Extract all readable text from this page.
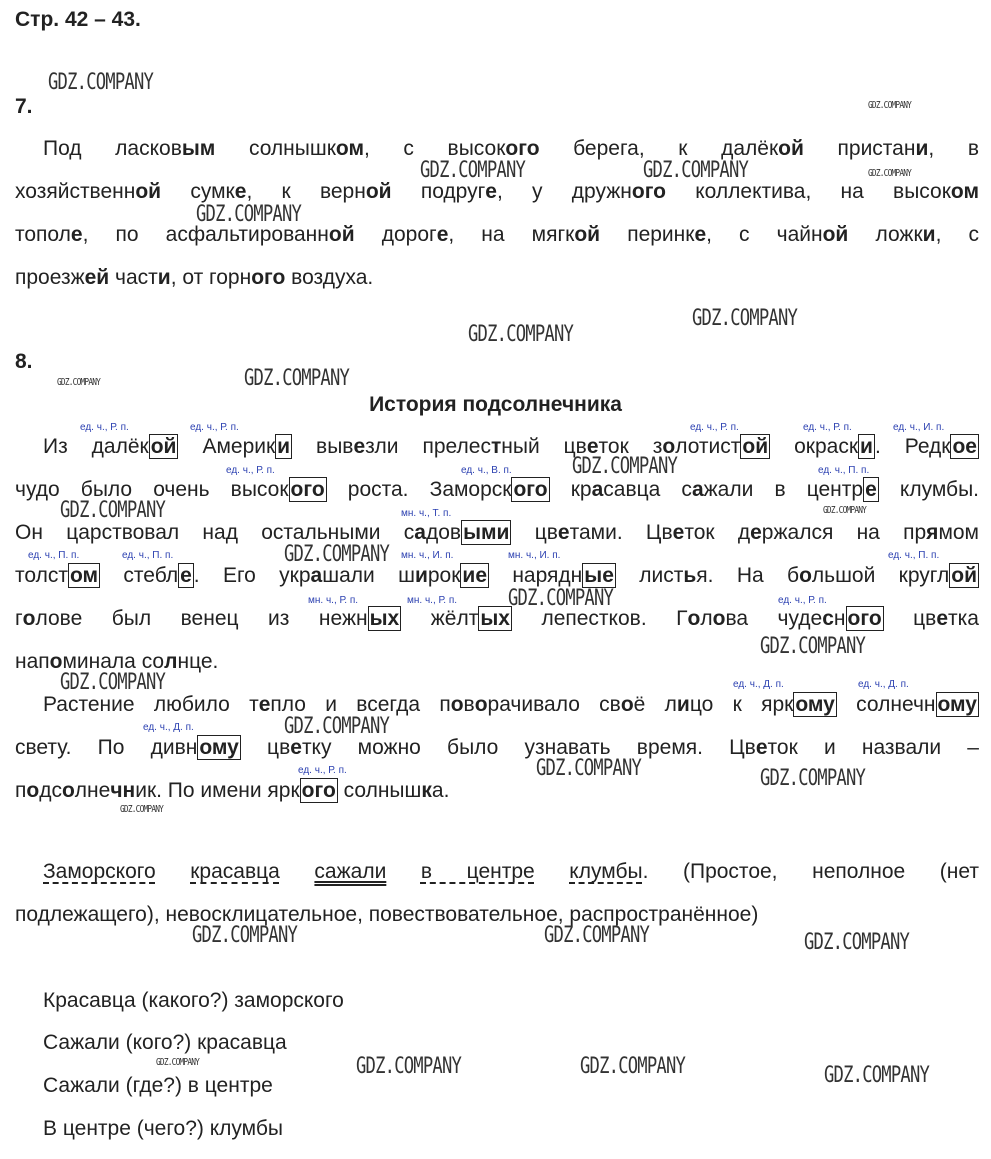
Стр. 42 – 43.
7.
Под ласковым солнышком, с высокого берега, к далёкой пристани, в
хозяйственной сумке, к верной подруге, у дружного коллектива, на высоком
тополе, по асфальтированной дороге, на мягкой перинке, с чайной ложки, с
проезжей части, от горного воздуха.
8.
История подсолнечника
Из далёкой Америки вывезли прелестный цветок золотистой окраски. Редкое
чудо было очень высокого роста. Заморского красавца сажали в центре клумбы.
Он царствовал над остальными садовыми цветами. Цветок держался на прямом
толстом стебле. Его украшали широкие нарядные листья. На большой круглой
голове был венец из нежных жёлтых лепестков. Голова чудесного цветка
напоминала солнце.
Растение любило тепло и всегда поворачивало своё лицо к яркому солнечному
свету. По дивному цветку можно было узнавать время. Цветок и назвали –
подсолнечник. По имени яркого солнышка.
ед. ч., Р. п.	ед. ч., Р. п.	ед. ч., Р. п.	ед. ч., Р. п.	ед. ч., И. п.
ед. ч., Р. п.	ед. ч., В. п.	ед. ч., П. п.
мн. ч., Т. п.
ед. ч., П. п.	ед. ч., П. п.	мн. ч., И. п.	мн. ч., И. п.	ед. ч., П. п.
мн. ч., Р. п.	мн. ч., Р. п.	ед. ч., Р. п.
ед. ч., Д. п.	ед. ч., Д. п.
ед. ч., Д. п.
ед. ч., Р. п.
Заморского красавца сажали в центре клумбы. (Простое, неполное (нет
подлежащего), невосклицательное, повествовательное, распространённое)
Красавца (какого?) заморского
Сажали (кого?) красавца
Сажали (где?) в центре
В центре (чего?) клумбы
GDZ.COMPANY
GDZ.COMPANY
GDZ.COMPANY	GDZ.COMPANY	GDZ.COMPANY
GDZ.COMPANY
GDZ.COMPANY
GDZ.COMPANY
GDZ.COMPANY	GDZ.COMPANY
GDZ.COMPANY
GDZ.COMPANY	GDZ.COMPANY
GDZ.COMPANY
GDZ.COMPANY
GDZ.COMPANY
GDZ.COMPANY
GDZ.COMPANY
GDZ.COMPANY	GDZ.COMPANY
GDZ.COMPANY
GDZ.COMPANY	GDZ.COMPANY	GDZ.COMPANY
GDZ.COMPANY	GDZ.COMPANY	GDZ.COMPANY	GDZ.COMPANY
